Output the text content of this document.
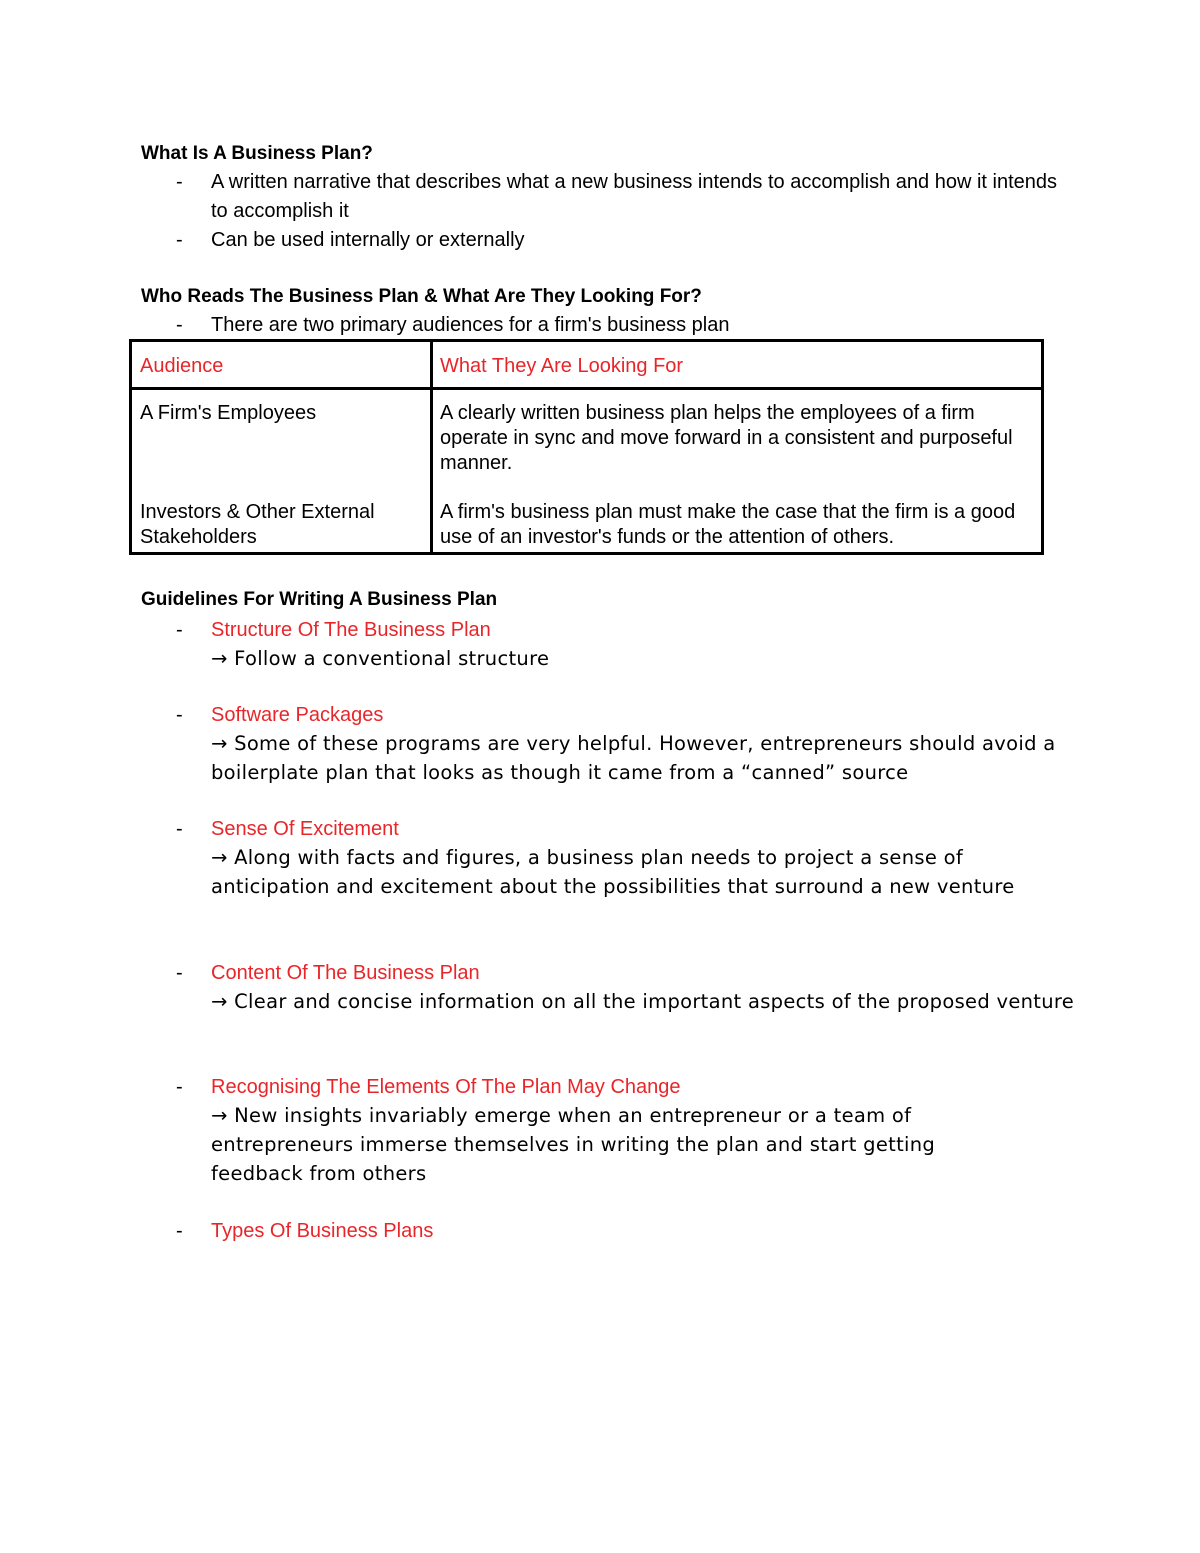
What Is A Business Plan?
- A written narrative that describes what a new business intends to accomplish and how it intends to accomplish it
- Can be used internally or externally
Who Reads The Business Plan & What Are They Looking For?
- There are two primary audiences for a firm's business plan
Audience	What They Are Looking For
A Firm's Employees	A clearly written business plan helps the employees of a firm operate in sync and move forward in a consistent and purposeful manner.
Investors & Other External Stakeholders
A firm's business plan must make the case that the firm is a good use of an investor's funds or the attention of others.
Guidelines For Writing A Business Plan
- Structure Of The Business Plan
→ Follow a conventional structure
- Software Packages
→ Some of these programs are very helpful. However, entrepreneurs should avoid a boilerplate plan that looks as though it came from a “canned” source
- Sense Of Excitement
→ Along with facts and figures, a business plan needs to project a sense of anticipation and excitement about the possibilities that surround a new venture
- Content Of The Business Plan
→ Clear and concise information on all the important aspects of the proposed venture
- Recognising The Elements Of The Plan May Change
→ New insights invariably emerge when an entrepreneur or a team of entrepreneurs immerse themselves in writing the plan and start getting feedback from others
- Types Of Business Plans
